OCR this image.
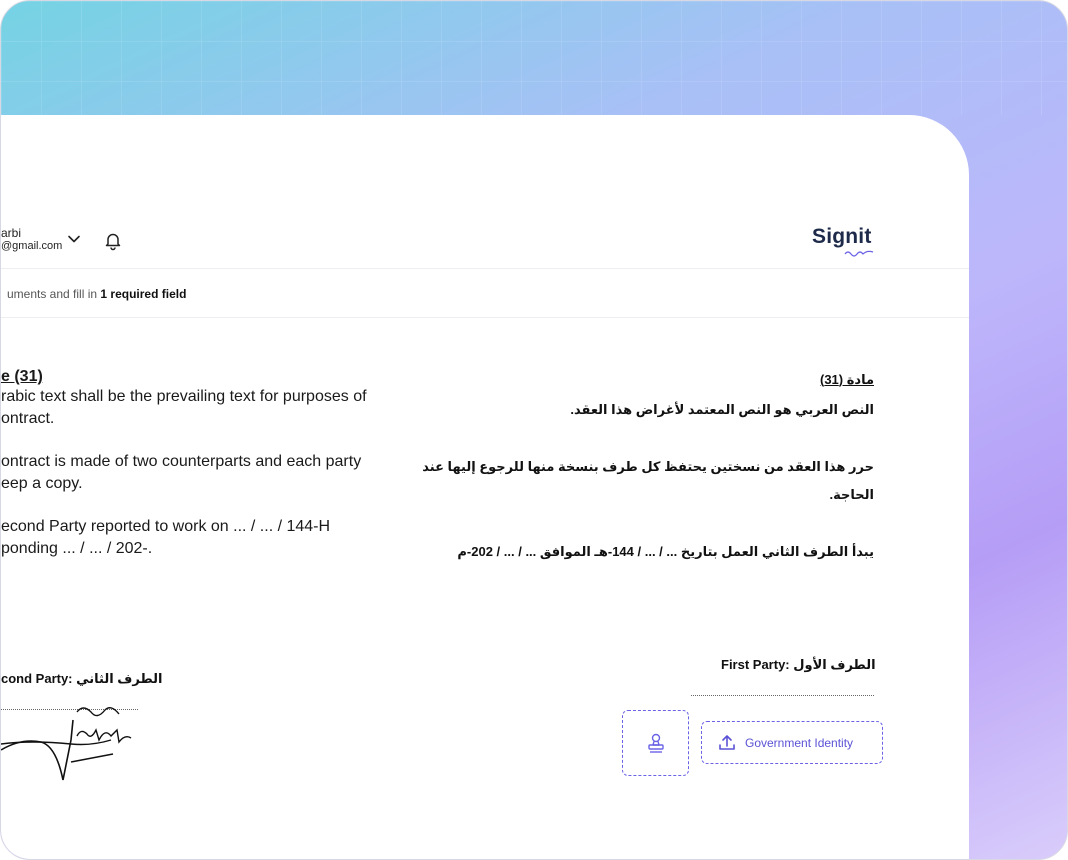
arbi
@gmail.com	Signit
uments and fill in 1 required field
e (31)
rabic text shall be the prevailing text for purposes of
ontract.
ontract is made of two counterparts and each party
eep a copy.
econd Party reported to work on ... / ... / 144-H
ponding ... / ... / 202-.
مادة (31)
النص العربي هو النص المعتمد لأغراض هذا العقد.
حرر هذا العقد من نسختين يحتفظ كل طرف بنسخة منها للرجوع إليها عند
الحاجة.
يبدأ الطرف الثاني العمل بتاريخ ... / ... / 144-هـ الموافق ... / ... / 202-م
cond Party: الطرف الثاني
First Party: الطرف الأول
Government Identity
